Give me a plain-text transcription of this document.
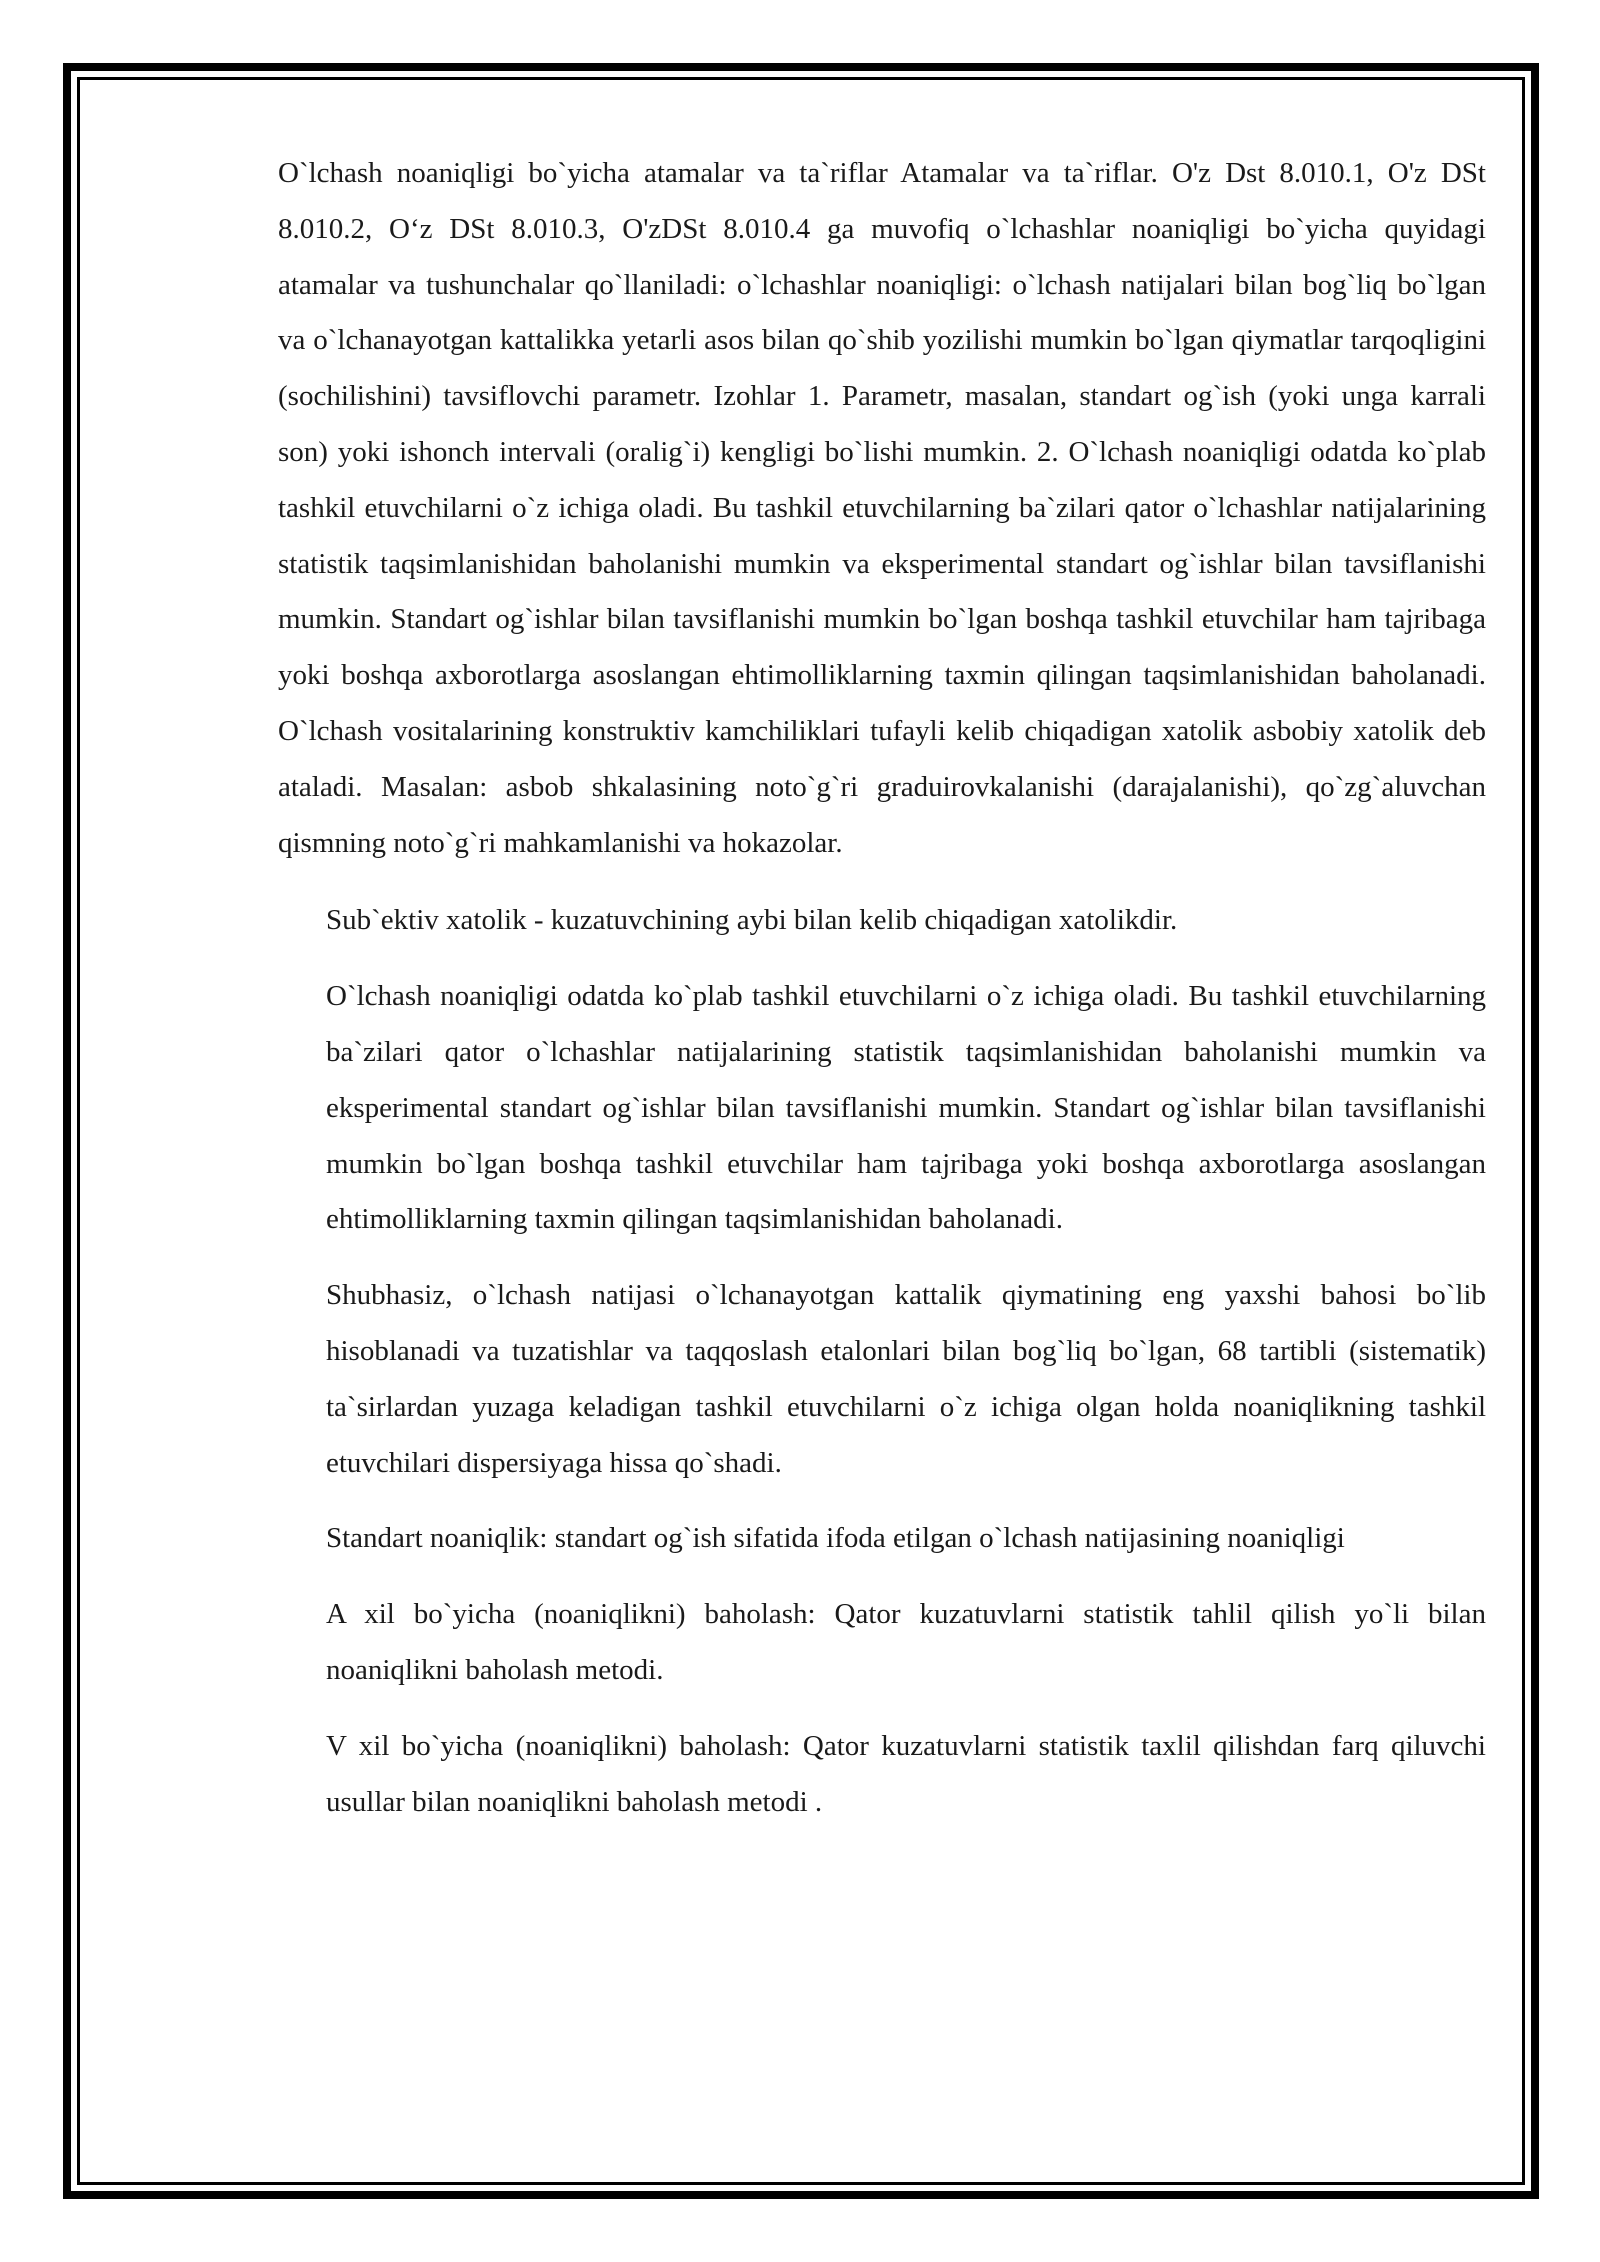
O`lchash noaniqligi bo`yicha atamalar va ta`riflar Atamalar va ta`riflar. O'z Dst 8.010.1, O'z DSt 8.010.2, O‘z DSt 8.010.3, O'zDSt 8.010.4 ga muvofiq o`lchashlar noaniqligi bo`yicha quyidagi atamalar va tushunchalar qo`llaniladi: o`lchashlar noaniqligi: o`lchash natijalari bilan bog`liq bo`lgan va o`lchanayotgan kattalikka yetarli asos bilan qo`shib yozilishi mumkin bo`lgan qiymatlar tarqoqligini (sochilishini) tavsiflovchi parametr. Izohlar 1. Parametr, masalan, standart og`ish (yoki unga karrali son) yoki ishonch intervali (oralig`i) kengligi bo`lishi mumkin. 2. O`lchash noaniqligi odatda ko`plab tashkil etuvchilarni o`z ichiga oladi. Bu tashkil etuvchilarning ba`zilari qator o`lchashlar natijalarining statistik taqsimlanishidan baholanishi mumkin va eksperimental standart og`ishlar bilan tavsiflanishi mumkin. Standart og`ishlar bilan tavsiflanishi mumkin bo`lgan boshqa tashkil etuvchilar ham tajribaga yoki boshqa axborotlarga asoslangan ehtimolliklarning taxmin qilingan taqsimlanishidan baholanadi. O`lchash vositalarining konstruktiv kamchiliklari tufayli kelib chiqadigan xatolik asbobiy xatolik deb ataladi. Masalan: asbob shkalasining noto`g`ri graduirovkalanishi (darajalanishi), qo`zg`aluvchan qismning noto`g`ri mahkamlanishi va hokazolar.

Sub`ektiv xatolik - kuzatuvchining aybi bilan kelib chiqadigan xatolikdir.

O`lchash noaniqligi odatda ko`plab tashkil etuvchilarni o`z ichiga oladi. Bu tashkil etuvchilarning ba`zilari qator o`lchashlar natijalarining statistik taqsimlanishidan baholanishi mumkin va eksperimental standart og`ishlar bilan tavsiflanishi mumkin. Standart og`ishlar bilan tavsiflanishi mumkin bo`lgan boshqa tashkil etuvchilar ham tajribaga yoki boshqa axborotlarga asoslangan ehtimolliklarning taxmin qilingan taqsimlanishidan baholanadi.

Shubhasiz, o`lchash natijasi o`lchanayotgan kattalik qiymatining eng yaxshi bahosi bo`lib hisoblanadi va tuzatishlar va taqqoslash etalonlari bilan bog`liq bo`lgan, 68 tartibli (sistematik) ta`sirlardan yuzaga keladigan tashkil etuvchilarni o`z ichiga olgan holda noaniqlikning tashkil etuvchilari dispersiyaga hissa qo`shadi.

Standart noaniqlik: standart og`ish sifatida ifoda etilgan o`lchash natijasining noaniqligi

A xil bo`yicha (noaniqlikni) baholash: Qator kuzatuvlarni statistik tahlil qilish yo`li bilan noaniqlikni baholash metodi.

V xil bo`yicha (noaniqlikni) baholash: Qator kuzatuvlarni statistik taxlil qilishdan farq qiluvchi usullar bilan noaniqlikni baholash metodi .
